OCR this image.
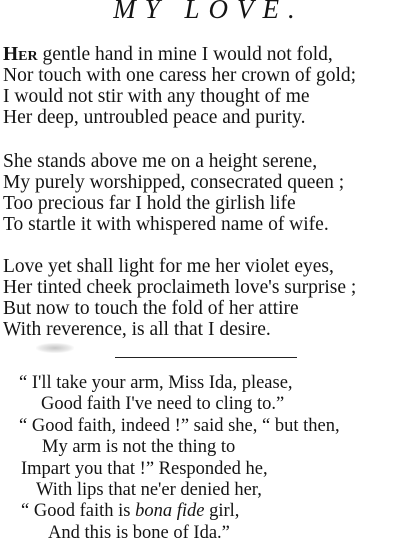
MY LOVE.
Her gentle hand in mine I would not fold,
Nor touch with one caress her crown of gold;
I would not stir with any thought of me
Her deep, untroubled peace and purity.
She stands above me on a height serene,
My purely worshipped, consecrated queen ;
Too precious far I hold the girlish life
To startle it with whispered name of wife.
Love yet shall light for me her violet eyes,
Her tinted cheek proclaimeth love's surprise ;
But now to touch the fold of her attire
With reverence, is all that I desire.
“ I'll take your arm, Miss Ida, please,
Good faith I've need to cling to.”
“ Good faith, indeed !” said she, “ but then,
My arm is not the thing to
Impart you that !” Responded he,
With lips that ne'er denied her,
“ Good faith is bona fide girl,
And this is bone of Ida.”
